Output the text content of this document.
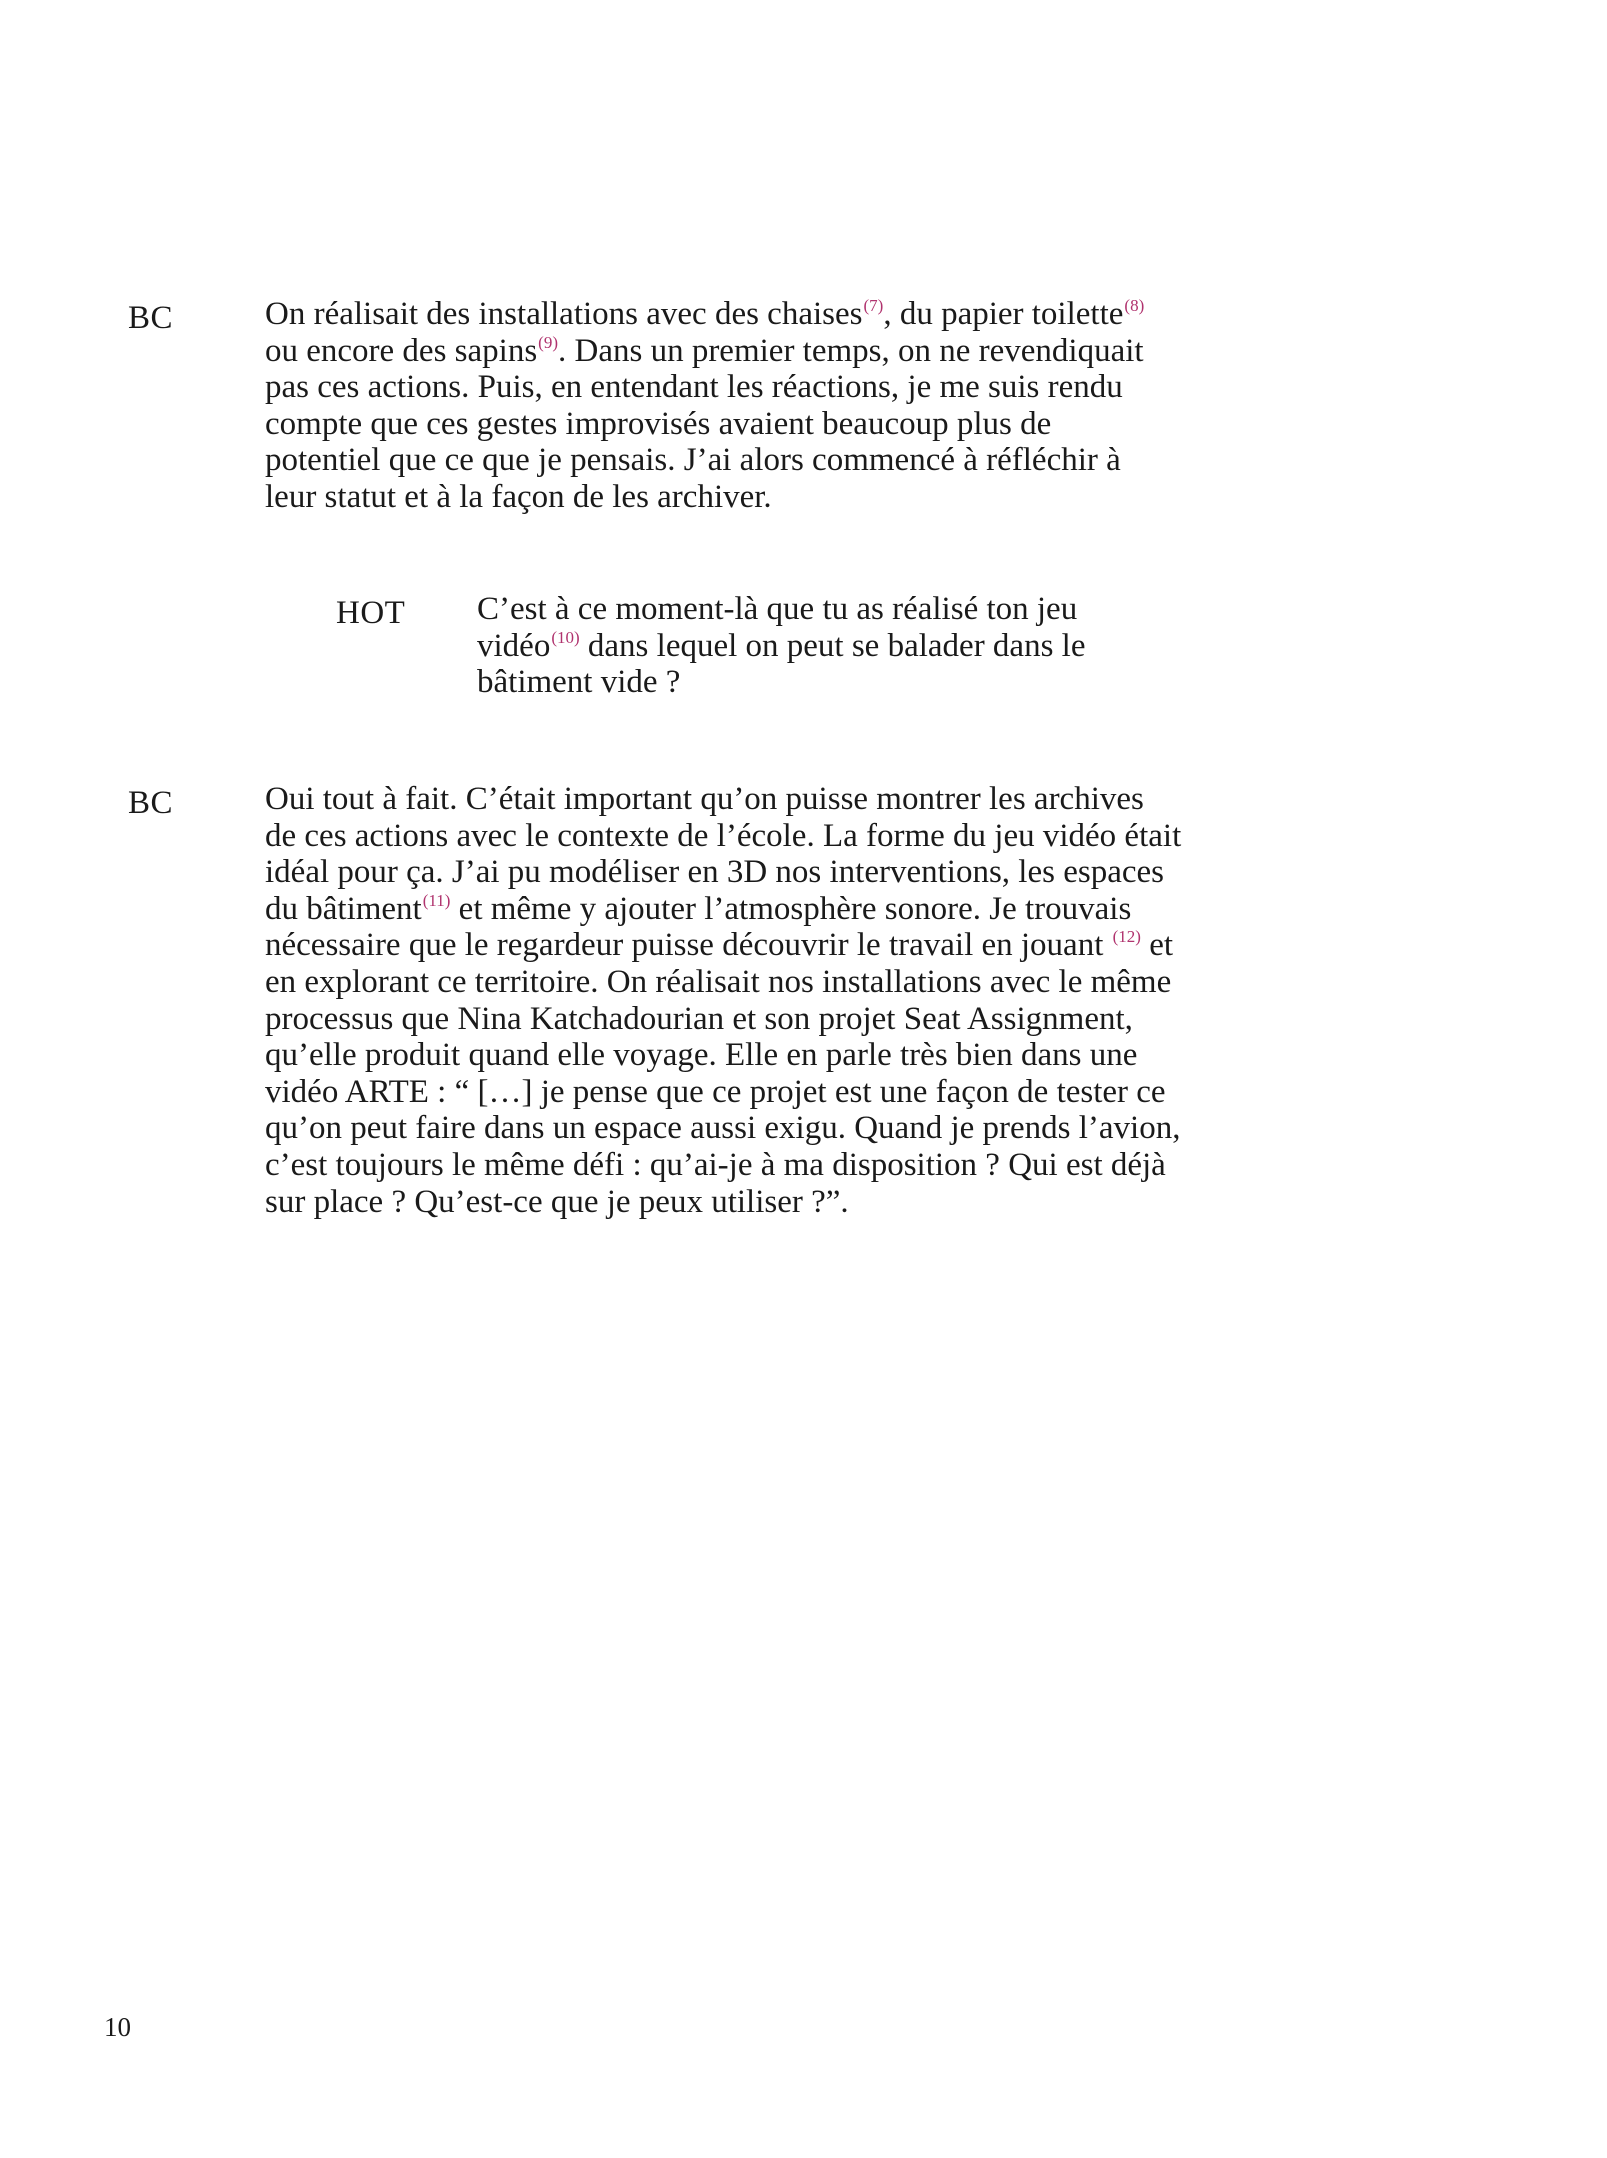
BC	On réalisait des installations avec des chaises$^{(7)}$, du papier toilette$^{(8)}$
ou encore des sapins$^{(9)}$. Dans un premier temps, on ne revendiquait
pas ces actions. Puis, en entendant les réactions, je me suis rendu
compte que ces gestes improvisés avaient beaucoup plus de
potentiel que ce que je pensais. J’ai alors commencé à réfléchir à
leur statut et à la façon de les archiver.
HOT C’est à ce moment-là que tu as réalisé ton jeu
vidéo$^{(10)}$ dans lequel on peut se balader dans le
bâtiment vide ?
BC	Oui tout à fait. C’était important qu’on puisse montrer les archives
de ces actions avec le contexte de l’école. La forme du jeu vidéo était
idéal pour ça. J’ai pu modéliser en 3D nos interventions, les espaces
du bâtiment$^{(11)}$ et même y ajouter l’atmosphère sonore. Je trouvais
nécessaire que le regardeur puisse découvrir le travail en jouant $^{(12)}$ et
en explorant ce territoire. On réalisait nos installations avec le même
processus que Nina Katchadourian et son projet Seat Assignment,
qu’elle produit quand elle voyage. Elle en parle très bien dans une
vidéo ARTE : “ […] je pense que ce projet est une façon de tester ce
qu’on peut faire dans un espace aussi exigu. Quand je prends l’avion,
c’est toujours le même défi : qu’ai-je à ma disposition ? Qui est déjà
sur place ? Qu’est-ce que je peux utiliser ?”.
10
